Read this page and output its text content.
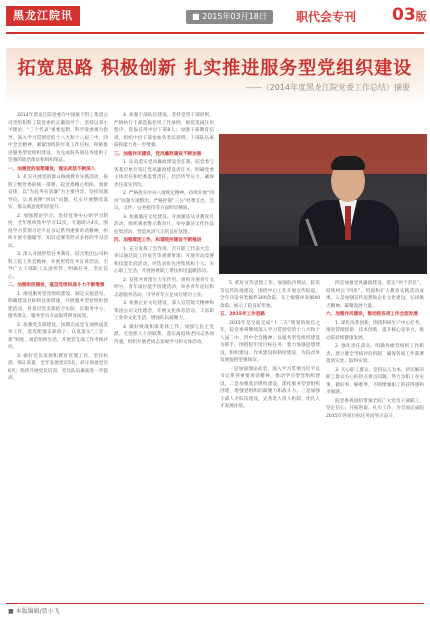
黑龙江院讯	■ 2015年03月18日	职代会专刊 03版
拓宽思路 积极创新 扎实推进服务型党组织建设
——（2014年度黑龙江院党委工作总结）摘要

2014年黑龙江院党委在中国航天科工集团公司党组和科工院党委的正确领导下，坚持以邓小平理论、“三个代表”重要思想、科学发展观为指导，深入学习贯彻党的十八大和十八届三中、四中全会精神，紧紧围绕院年度工作目标，积极推进服务型党组织建设，为完成院各项任务提供了坚强的政治保证和组织保证。

一、加强党的思想建设，理论武装不断深入

1. 扎实开展党的群众路线教育实践活动。按照上级党委的统一部署，院党委精心组织、周密安排，以“为民务实清廉”为主要内容，坚持问题导向，认真查摆“四风”问题，扎实开展整改落实，群众满意度明显提升。

2. 加强理论学习。坚持党委中心组学习制度，全年组织集中学习12次，专题研讨4次。围绕学习贯彻习近平总书记系列重要讲话精神，组织开展专题辅导、知识竞赛等形式多样的学习活动。

3. 深入开展形势任务教育。结合集团公司和科工院工作会精神，开展形势任务宣讲活动，引导广大干部职工认清形势、明确任务、坚定信心。

二、加强组织建设，基层党组织战斗力不断增强

1. 推进服务型党组织建设。制定实施意见，明确建设目标和具体措施，开展服务型党组织创建活动，各基层党支部结合实际，在服务中心、服务群众、服务党员方面取得明显成效。

2. 加强党支部建设。按期完成党支部换届选举工作，选优配强支部班子；认真落实“三会一课”制度，规范组织生活，开展党支部工作考核评价。

3. 做好党员发展和教育管理工作。坚持标准、保证质量，全年发展党员5名，转正预备党员6名；组织开展党员培训，党员队伍素质进一步提高。

4. 加强干部队伍建设。坚持党管干部原则，严格执行干部选拔任用工作条例，规范选拔任用程序，选拔任用中层干部8人；加强干部教育培训，组织中层干部参加各类培训班，干部队伍素质和能力进一步增强。

三、加强作风建设，党风廉政建设不断加强

1. 认真落实党风廉政建设责任制。院党委与各基层单位签订党风廉政建设责任书，明确党委主体责任和纪委监督责任，层层传导压力，确保责任落实到位。

2. 严格落实中央八项规定精神。持续开展“四风”问题专项整治，严格控制“三公”经费支出，会议、文件、公务接待等方面明显精简。

3. 加强廉洁文化建设。开展廉洁从业教育月活动，组织观看警示教育片，举办廉洁文化作品征集活动，营造风清气正的良好氛围。

四、加强群团工作，和谐院所建设不断推进

1. 充分发挥工会作用。召开职工代表大会，审议通过院工作报告等重要事项；开展劳动竞赛和技能比武活动，评选表彰先进集体和个人；关心职工生活，开展困难职工帮扶和送温暖活动。

2. 发挥共青团生力军作用。组织开展青年文明号、青年岗位能手创建活动，举办青年论坛和志愿服务活动，引导青年立足岗位建功立业。

3. 加强企业文化建设。深入宣贯航天精神和集团公司文化理念，开展文化体育活动，丰富职工业余文化生活，增强队伍凝聚力。

4. 做好统战和离退休工作。加强与民主党派、无党派人士的联系，落实离退休老同志各项待遇，组织开展老同志参观学习和文体活动。

5. 抓好宣传思想工作。加强院内网站、院讯等宣传阵地建设，围绕中心工作开展宣传报道，全年刊发各类稿件300余篇，在上级媒体发稿40余篇，展示了院良好形象。

五、2015年工作思路

2015年是全面完成“十二五”规划的收官之年。院党委将继续深入学习贯彻党的十八大和十八届三中、四中全会精神，以服务型党组织建设为抓手，围绕院年度目标任务，着力加强思想建设、组织建设、作风建设和制度建设，为院改革发展提供坚强保证。

一是加强理论武装，深入学习贯彻习近平总书记系列重要讲话精神，推动学习型党组织建设。二是加强基层组织建设，深化服务型党组织创建，增强党组织的凝聚力和战斗力。三是加强干部人才队伍建设，完善选人用人机制，优化人才发展环境。

四是加强党风廉政建设，落实“两个责任”，持续纠正“四风”，巩固和扩大教育实践活动成果。五是加强宣传思想和企业文化建设，弘扬航天精神，凝聚发展力量。

六、加强作风建设，推动院各项工作全面发展

1. 深化改革创新。围绕科研生产中心任务，推进管理创新、技术创新，提升核心竞争力，推动院持续健康发展。

2. 强化责任落实。明确各级党组织工作职责，建立健全考核评价机制，确保各项工作部署落到实处、取得实效。

3. 关心职工群众。坚持以人为本，切实解决职工群众关心的热点难点问题，努力为职工办实事、做好事、解难事，不断增强职工的获得感和幸福感。

院党委将团结带领全院广大党员干部职工，坚定信心、开拓进取、扎实工作，为全面完成院2015年各项目标任务而努力奋斗。

■ 本版编辑/贾小飞
